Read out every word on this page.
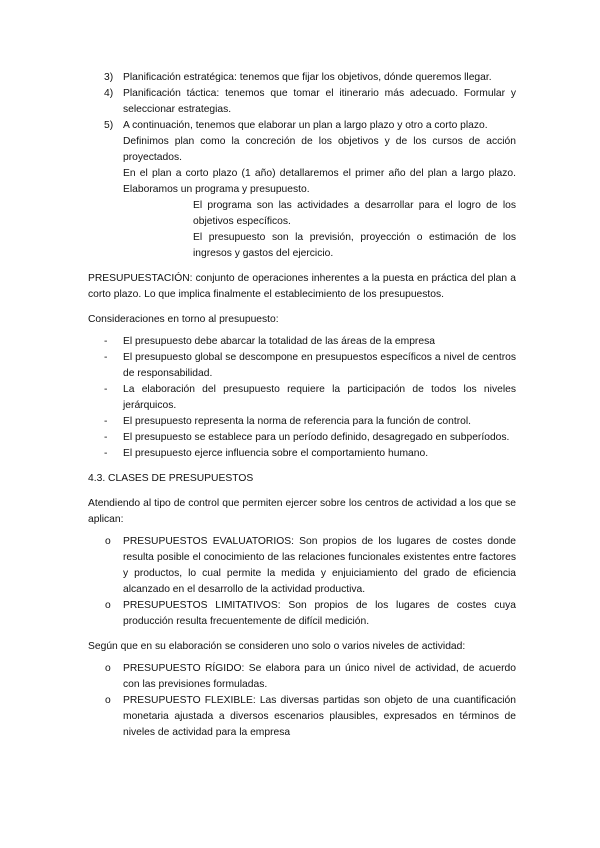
3) Planificación estratégica: tenemos que fijar los objetivos, dónde queremos llegar.

4) Planificación táctica: tenemos que tomar el itinerario más adecuado. Formular y seleccionar estrategias.

5) A continuación, tenemos que elaborar un plan a largo plazo y otro a corto plazo.

Definimos plan como la concreción de los objetivos y de los cursos de acción proyectados.

En el plan a corto plazo (1 año) detallaremos el primer año del plan a largo plazo. Elaboramos un programa y presupuesto.

El programa son las actividades a desarrollar para el logro de los objetivos específicos.

El presupuesto son la previsión, proyección o estimación de los ingresos y gastos del ejercicio.

PRESUPUESTACIÓN: conjunto de operaciones inherentes a la puesta en práctica del plan a corto plazo. Lo que implica finalmente el establecimiento de los presupuestos.

Consideraciones en torno al presupuesto:

- El presupuesto debe abarcar la totalidad de las áreas de la empresa

- El presupuesto global se descompone en presupuestos específicos a nivel de centros de responsabilidad.

- La elaboración del presupuesto requiere la participación de todos los niveles jerárquicos.

- El presupuesto representa la norma de referencia para la función de control.

- El presupuesto se establece para un período definido, desagregado en subperíodos.

- El presupuesto ejerce influencia sobre el comportamiento humano.

4.3. CLASES DE PRESUPUESTOS

Atendiendo al tipo de control que permiten ejercer sobre los centros de actividad a los que se aplican:

o PRESUPUESTOS EVALUATORIOS: Son propios de los lugares de costes donde resulta posible el conocimiento de las relaciones funcionales existentes entre factores y productos, lo cual permite la medida y enjuiciamiento del grado de eficiencia alcanzado en el desarrollo de la actividad productiva.

o PRESUPUESTOS LIMITATIVOS: Son propios de los lugares de costes cuya producción resulta frecuentemente de difícil medición.

Según que en su elaboración se consideren uno solo o varios niveles de actividad:

o PRESUPUESTO RÍGIDO: Se elabora para un único nivel de actividad, de acuerdo con las previsiones formuladas.

o PRESUPUESTO FLEXIBLE: Las diversas partidas son objeto de una cuantificación monetaria ajustada a diversos escenarios plausibles, expresados en términos de niveles de actividad para la empresa
